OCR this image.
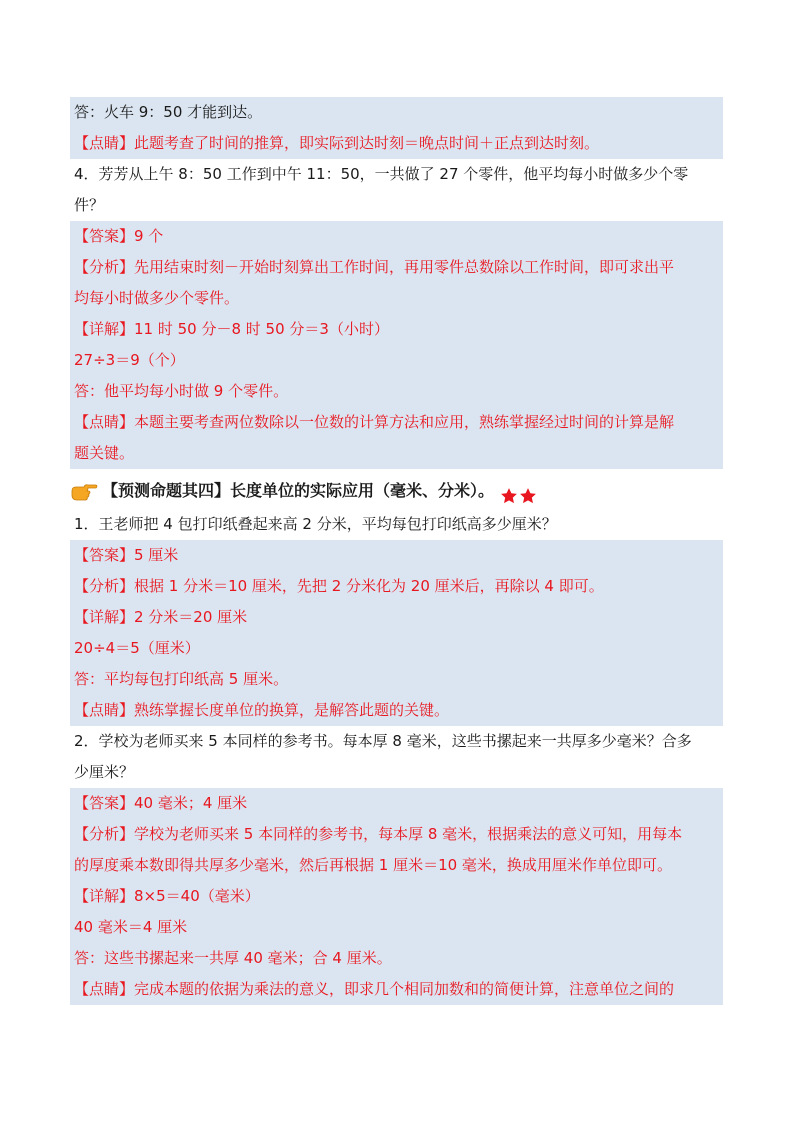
答：火车 9：50 才能到达。
【点睛】此题考查了时间的推算，即实际到达时刻＝晚点时间＋正点到达时刻。
4．芳芳从上午 8：50 工作到中午 11：50，一共做了 27 个零件，他平均每小时做多少个零
件？
【答案】9 个
【分析】先用结束时刻－开始时刻算出工作时间，再用零件总数除以工作时间，即可求出平
均每小时做多少个零件。
【详解】11 时 50 分－8 时 50 分＝3（小时）
27÷3＝9（个）
答：他平均每小时做 9 个零件。
【点睛】本题主要考查两位数除以一位数的计算方法和应用，熟练掌握经过时间的计算是解
题关键。
【预测命题其四】长度单位的实际应用（毫米、分米）。
1．王老师把 4 包打印纸叠起来高 2 分米，平均每包打印纸高多少厘米？
【答案】5 厘米
【分析】根据 1 分米＝10 厘米，先把 2 分米化为 20 厘米后，再除以 4 即可。
【详解】2 分米＝20 厘米
20÷4＝5（厘米）
答：平均每包打印纸高 5 厘米。
【点睛】熟练掌握长度单位的换算，是解答此题的关键。
2．学校为老师买来 5 本同样的参考书。每本厚 8 毫米，这些书摞起来一共厚多少毫米？合多
少厘米？
【答案】40 毫米；4 厘米
【分析】学校为老师买来 5 本同样的参考书，每本厚 8 毫米，根据乘法的意义可知，用每本
的厚度乘本数即得共厚多少毫米，然后再根据 1 厘米＝10 毫米，换成用厘米作单位即可。
【详解】8×5＝40（毫米）
40 毫米＝4 厘米
答：这些书摞起来一共厚 40 毫米；合 4 厘米。
【点睛】完成本题的依据为乘法的意义，即求几个相同加数和的简便计算，注意单位之间的
